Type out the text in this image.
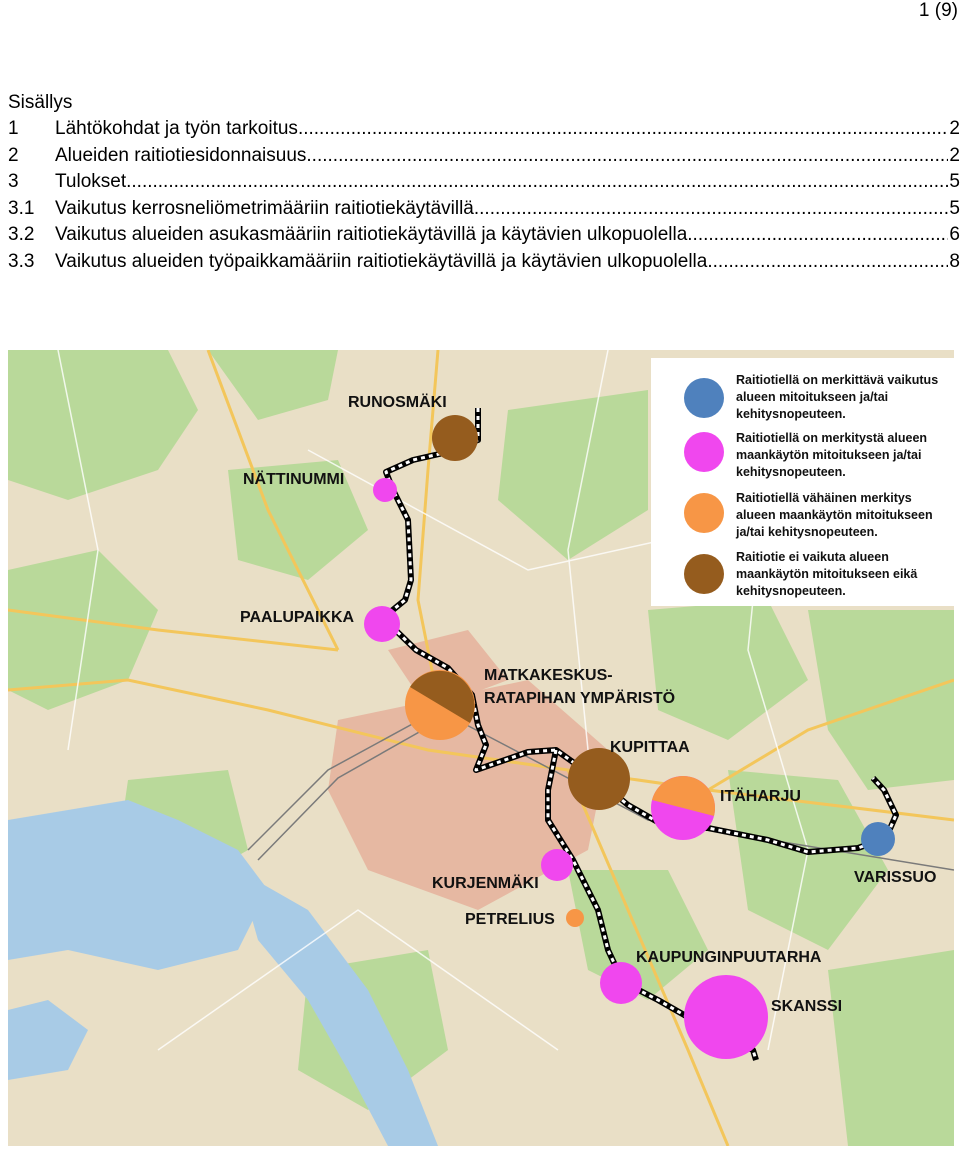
1 (9)
Sisällys
1	Lähtökohdat ja työn tarkoitus .....	2
2	Alueiden raitiotiesidonnaisuus .....	2
3	Tulokset .....	5
3.1	Vaikutus kerrosneliömetrimääriin raitiotiekäytävillä .....	5
3.2	Vaikutus alueiden asukasmääriin raitiotiekäytävillä ja käytävien ulkopuolella .....	6
3.3	Vaikutus alueiden työpaikkamääriin raitiotiekäytävillä ja käytävien ulkopuolella .....	8
RUNOSMÄKI
NÄTTINUMMI
PAALUPAIKKA
MATKAKESKUS-
RATAPIHAN YMPÄRISTÖ
KUPITTAA
ITÄHARJU
VARISSUO
KURJENMÄKI
PETRELIUS
KAUPUNGINPUUTARHA
SKANSSI
Raitiotiellä on merkittävä vaikutus
alueen mitoitukseen ja/tai
kehitysnopeuteen.
Raitiotiellä on merkitystä alueen
maankäytön mitoitukseen ja/tai
kehitysnopeuteen.
Raitiotiellä vähäinen merkitys
alueen maankäytön mitoitukseen
ja/tai kehitysnopeuteen.
Raitiotie ei vaikuta alueen
maankäytön mitoitukseen eikä
kehitysnopeuteen.
